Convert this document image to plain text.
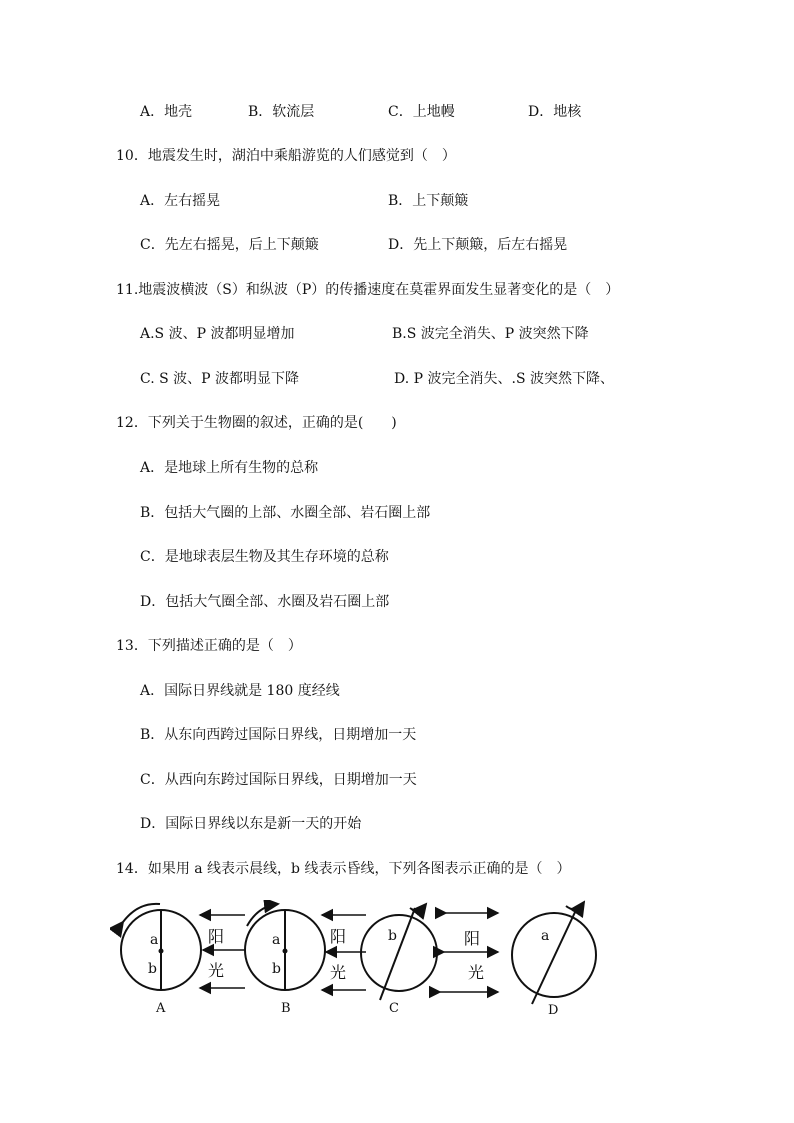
A．地壳	B．软流层	C．上地幔	D．地核
10．地震发生时，湖泊中乘船游览的人们感觉到（　）
A．左右摇晃	B．上下颠簸
C．先左右摇晃，后上下颠簸	D．先上下颠簸，后左右摇晃
11.地震波横波（S）和纵波（P）的传播速度在莫霍界面发生显著变化的是（　）
A.S 波、P 波都明显增加	B.S 波完全消失、P 波突然下降
C. S 波、P 波都明显下降	D. P 波完全消失、.S 波突然下降、
12．下列关于生物圈的叙述，正确的是(　　)
A．是地球上所有生物的总称
B．包括大气圈的上部、水圈全部、岩石圈上部
C．是地球表层生物及其生存环境的总称
D．包括大气圈全部、水圈及岩石圈上部
13．下列描述正确的是（　）
A．国际日界线就是 180 度经线
B．从东向西跨过国际日界线，日期增加一天
C．从西向东跨过国际日界线，日期增加一天
D．国际日界线以东是新一天的开始
14．如果用 a 线表示晨线，b 线表示昏线，下列各图表示正确的是（　）
a
b
阳
光
A
a
b
阳
光
B
b	阳
光
C
a
D
